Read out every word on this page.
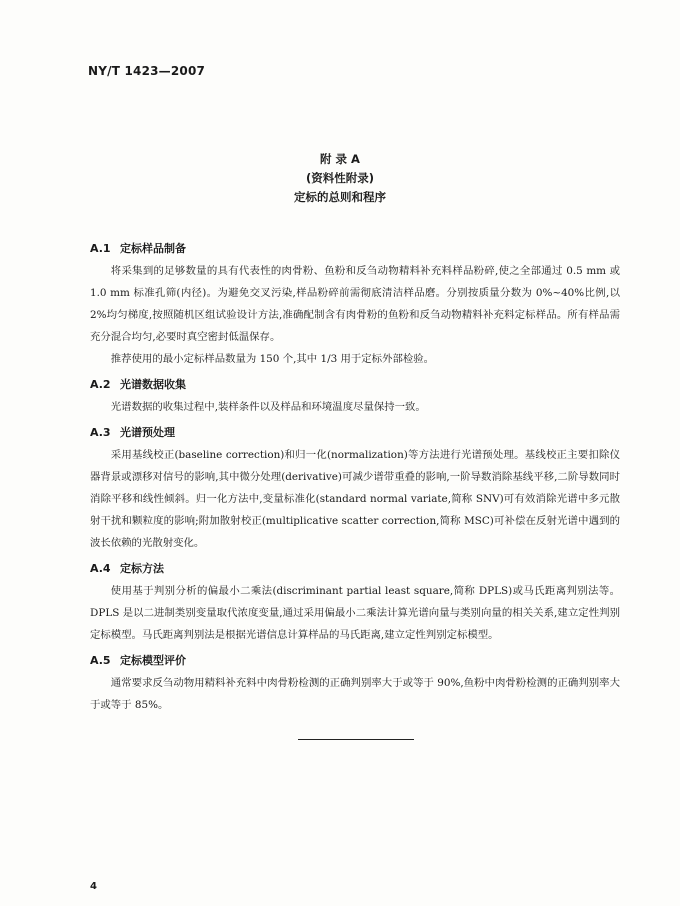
NY/T 1423—2007
附 录 A
(资料性附录)
定标的总则和程序
A.1 定标样品制备

将采集到的足够数量的具有代表性的肉骨粉、鱼粉和反刍动物精料补充料样品粉碎,使之全部通过 0.5 mm 或 1.0 mm 标准孔筛(内径)。为避免交叉污染,样品粉碎前需彻底清洁样品磨。分别按质量分数为 0%~40%比例,以 2%均匀梯度,按照随机区组试验设计方法,准确配制含有肉骨粉的鱼粉和反刍动物精料补充料定标样品。所有样品需充分混合均匀,必要时真空密封低温保存。

推荐使用的最小定标样品数量为 150 个,其中 1/3 用于定标外部检验。

A.2 光谱数据收集

光谱数据的收集过程中,装样条件以及样品和环境温度尽量保持一致。

A.3 光谱预处理

采用基线校正(baseline correction)和归一化(normalization)等方法进行光谱预处理。基线校正主要扣除仪器背景或漂移对信号的影响,其中微分处理(derivative)可减少谱带重叠的影响,一阶导数消除基线平移,二阶导数同时消除平移和线性倾斜。归一化方法中,变量标准化(standard normal variate,简称 SNV)可有效消除光谱中多元散射干扰和颗粒度的影响;附加散射校正(multiplicative scatter correction,简称 MSC)可补偿在反射光谱中遇到的波长依赖的光散射变化。

A.4 定标方法

使用基于判别分析的偏最小二乘法(discriminant partial least square,简称 DPLS)或马氏距离判别法等。DPLS 是以二进制类别变量取代浓度变量,通过采用偏最小二乘法计算光谱向量与类别向量的相关关系,建立定性判别定标模型。马氏距离判别法是根据光谱信息计算样品的马氏距离,建立定性判别定标模型。

A.5 定标模型评价

通常要求反刍动物用精料补充料中肉骨粉检测的正确判别率大于或等于 90%,鱼粉中肉骨粉检测的正确判别率大于或等于 85%。

4
